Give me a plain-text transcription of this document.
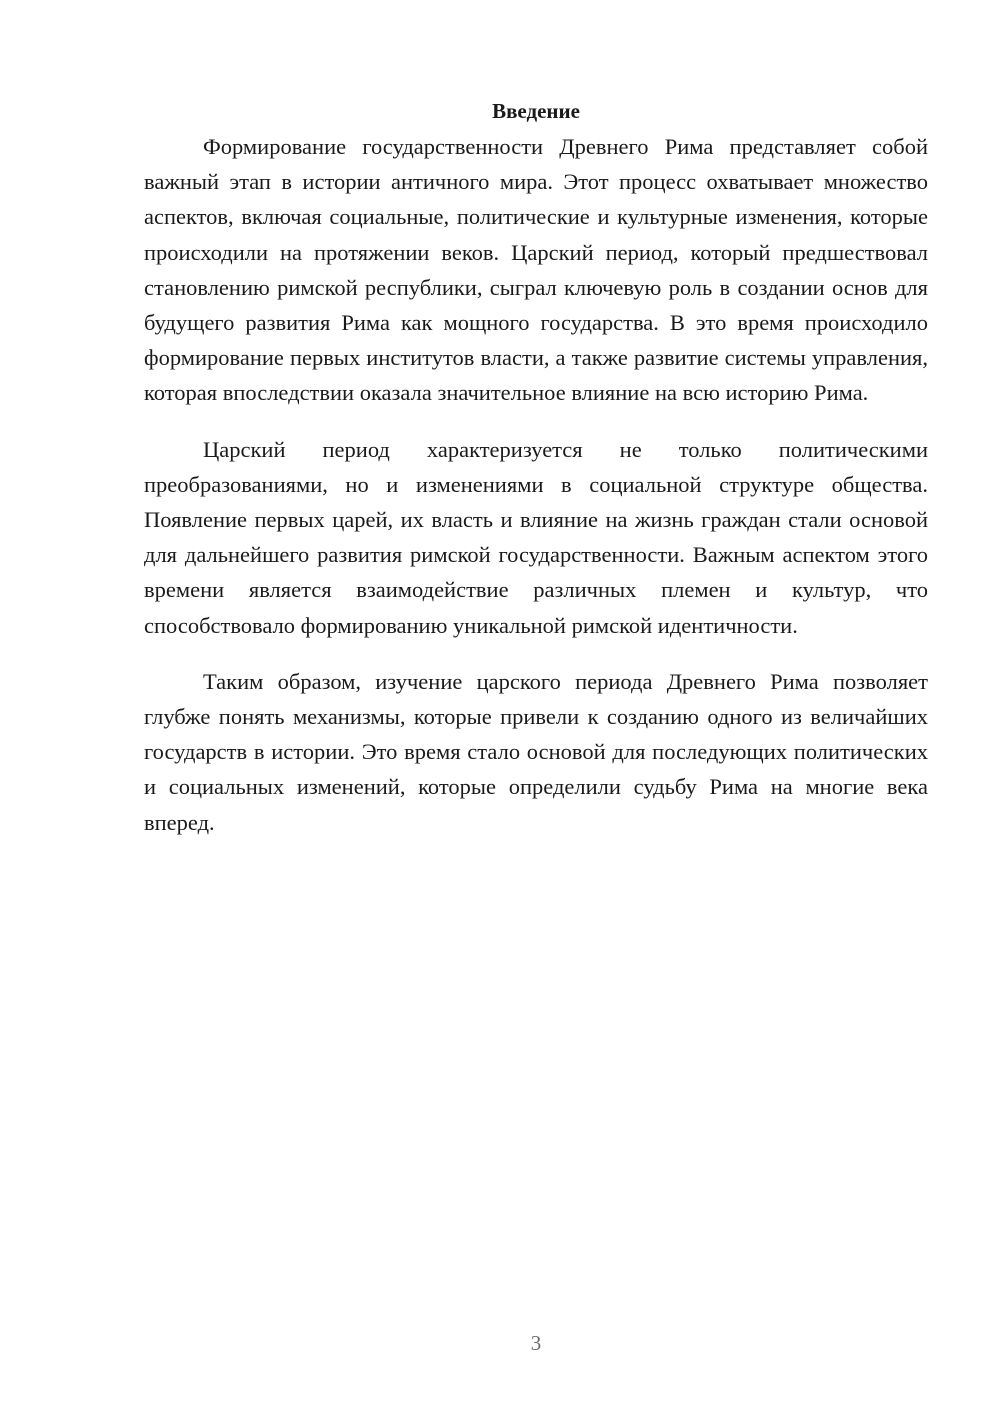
Введение

Формирование государственности Древнего Рима представляет собой важный этап в истории античного мира. Этот процесс охватывает множество аспектов, включая социальные, политические и культурные изменения, которые происходили на протяжении веков. Царский период, который предшествовал становлению римской республики, сыграл ключевую роль в создании основ для будущего развития Рима как мощного государства. В это время происходило формирование первых институтов власти, а также развитие системы управления, которая впоследствии оказала значительное влияние на всю историю Рима.

Царский период характеризуется не только политическими преобразованиями, но и изменениями в социальной структуре общества. Появление первых царей, их власть и влияние на жизнь граждан стали основой для дальнейшего развития римской государственности. Важным аспектом этого времени является взаимодействие различных племен и культур, что способствовало формированию уникальной римской идентичности.

Таким образом, изучение царского периода Древнего Рима позволяет глубже понять механизмы, которые привели к созданию одного из величайших государств в истории. Это время стало основой для последующих политических и социальных изменений, которые определили судьбу Рима на многие века вперед.

3
